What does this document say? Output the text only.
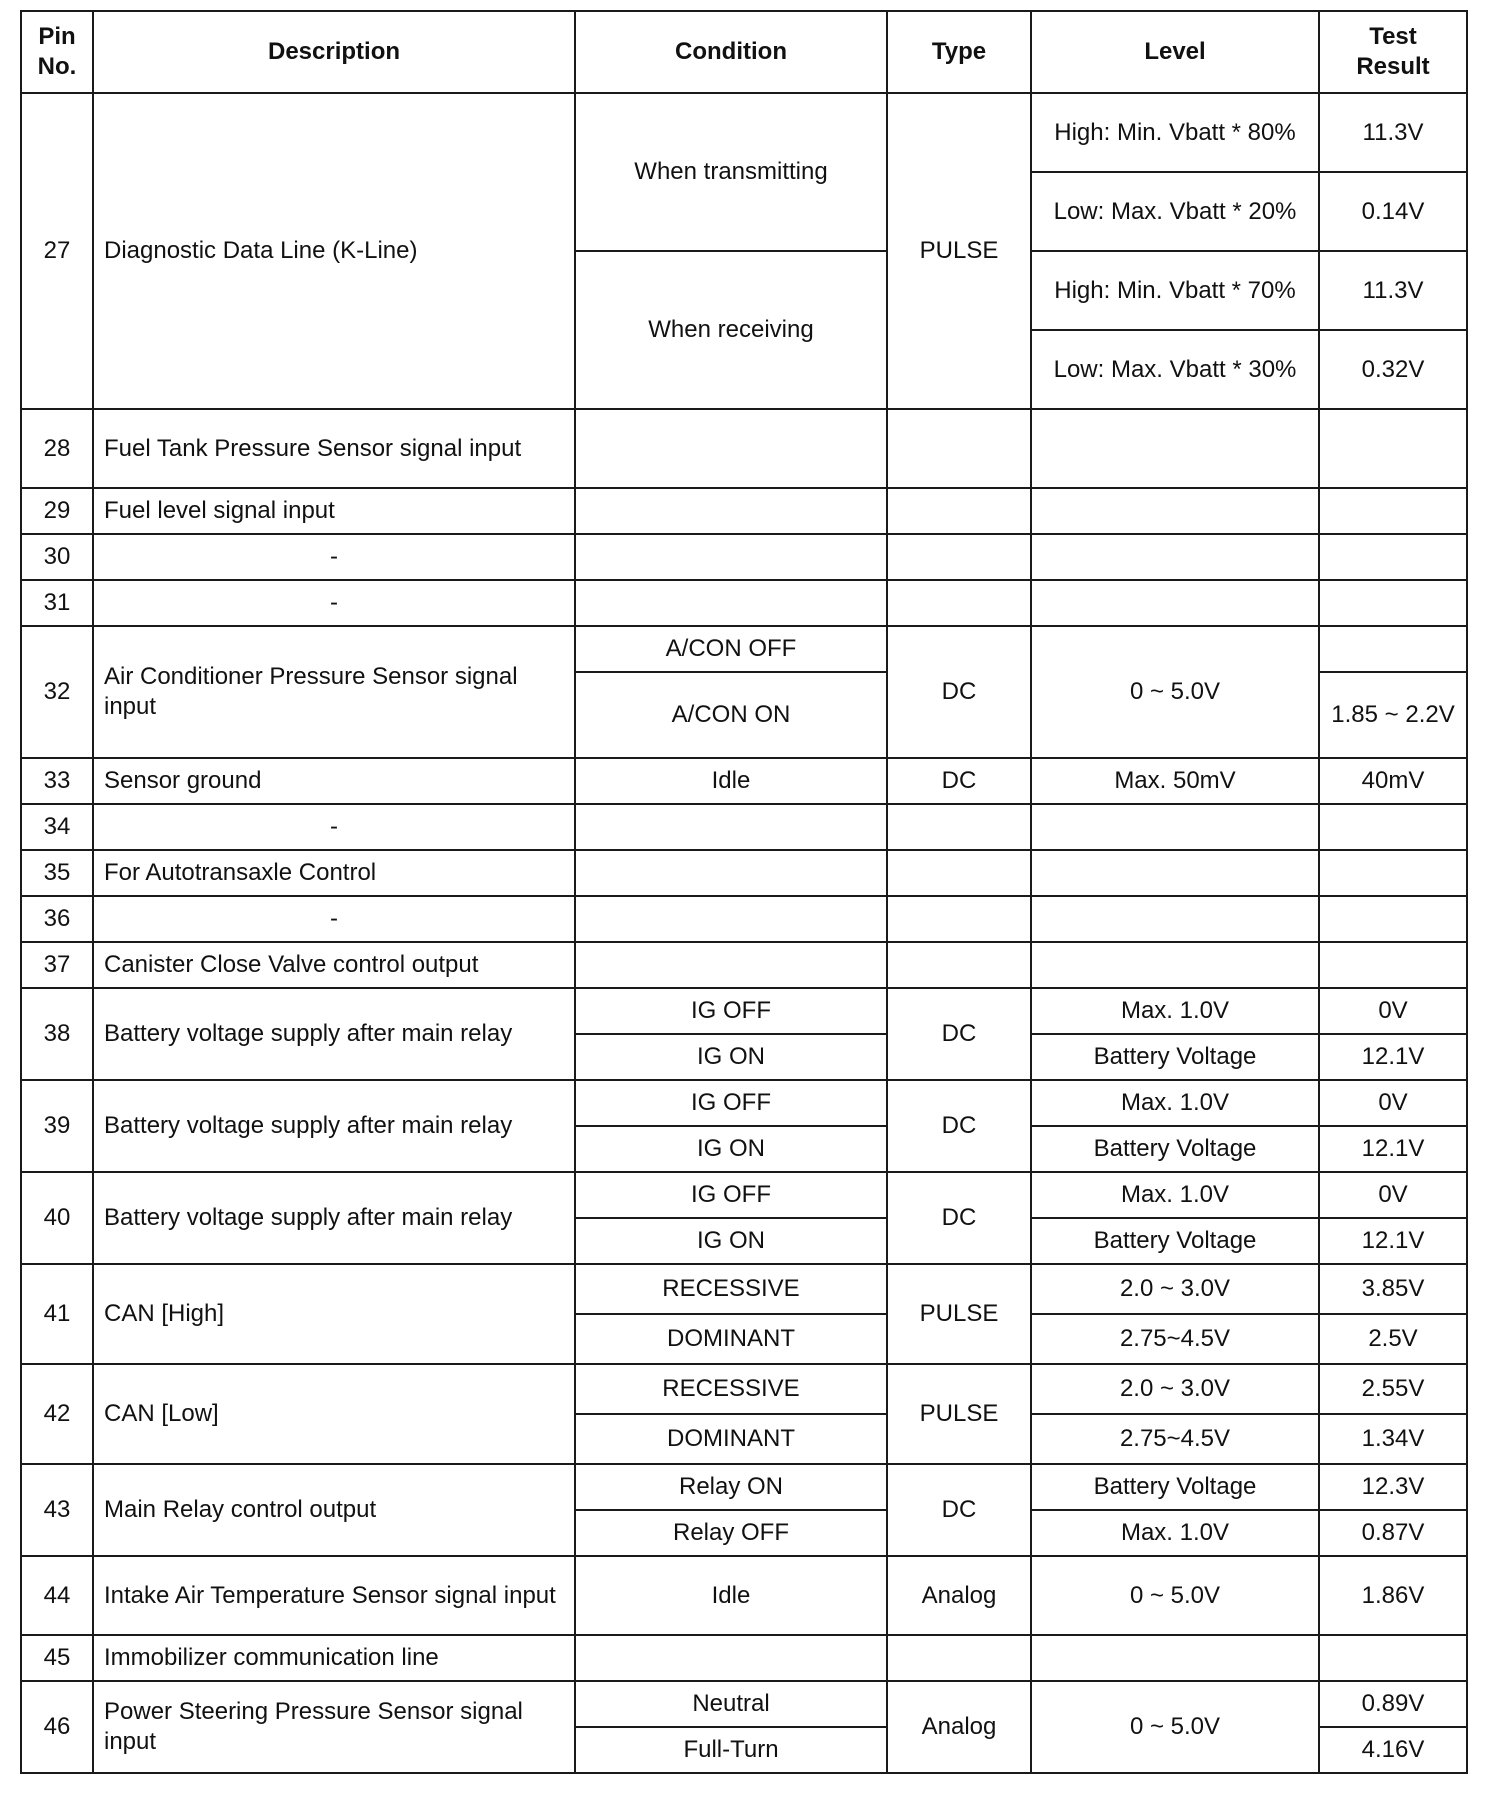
Pin No.	Description	Condition	Type	Level	Test Result
27	Diagnostic Data Line (K-Line)	When transmitting	PULSE	High: Min. Vbatt * 80%	11.3V
				Low: Max. Vbatt * 20%	0.14V
		When receiving		High: Min. Vbatt * 70%	11.3V
				Low: Max. Vbatt * 30%	0.32V
28	Fuel Tank Pressure Sensor signal input				
29	Fuel level signal input				
30	-				
31	-				
32	Air Conditioner Pressure Sensor signal input	A/CON OFF	DC	0 ~ 5.0V	
		A/CON ON			1.85 ~ 2.2V
33	Sensor ground	Idle	DC	Max. 50mV	40mV
34	-				
35	For Autotransaxle Control				
36	-				
37	Canister Close Valve control output				
38	Battery voltage supply after main relay	IG OFF	DC	Max. 1.0V	0V
		IG ON		Battery Voltage	12.1V
39	Battery voltage supply after main relay	IG OFF	DC	Max. 1.0V	0V
		IG ON		Battery Voltage	12.1V
40	Battery voltage supply after main relay	IG OFF	DC	Max. 1.0V	0V
		IG ON		Battery Voltage	12.1V
41	CAN [High]	RECESSIVE	PULSE	2.0 ~ 3.0V	3.85V
		DOMINANT		2.75~4.5V	2.5V
42	CAN [Low]	RECESSIVE	PULSE	2.0 ~ 3.0V	2.55V
		DOMINANT		2.75~4.5V	1.34V
43	Main Relay control output	Relay ON	DC	Battery Voltage	12.3V
		Relay OFF		Max. 1.0V	0.87V
44	Intake Air Temperature Sensor signal input	Idle	Analog	0 ~ 5.0V	1.86V
45	Immobilizer communication line				
46	Power Steering Pressure Sensor signal input	Neutral	Analog	0 ~ 5.0V	0.89V
		Full-Turn			4.16V
